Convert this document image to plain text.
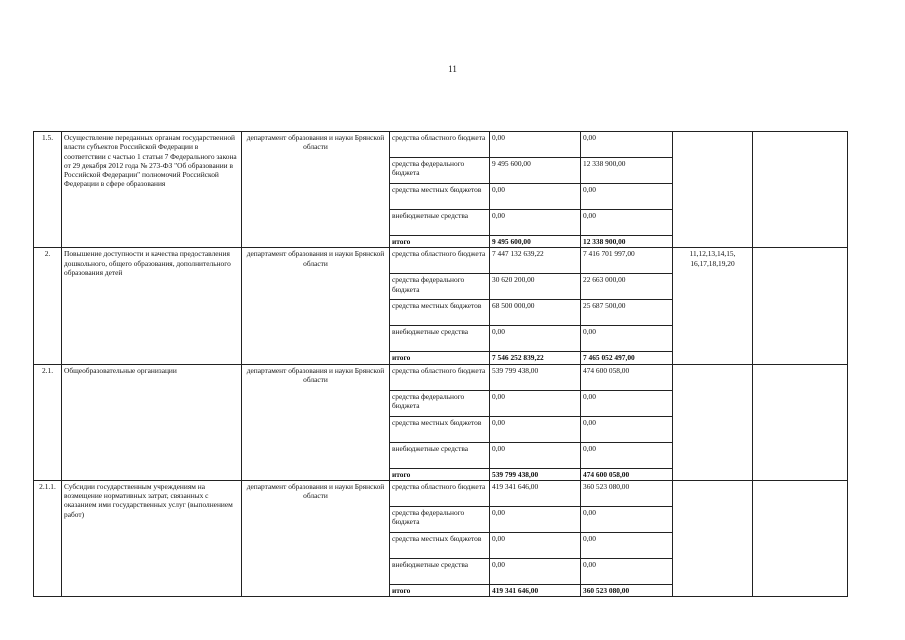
11
1.5.	Осуществление переданных органам государственной власти субъектов Российской Федерации в соответствии с частью 1 статьи 7 Федерального закона от 29 декабря 2012 года № 273-ФЗ "Об образовании в Российской Федерации" полномочий Российской Федерации в сфере образования	департамент образования и науки Брянской области	средства областного бюджета	0,00	0,00		
			средства федерального бюджета	9 495 600,00	12 338 900,00		
			средства местных бюджетов	0,00	0,00		
			внебюджетные средства	0,00	0,00		
			итого	9 495 600,00	12 338 900,00		
2.	Повышение доступности и качества предоставления дошкольного, общего образования, дополнительного образования детей	департамент образования и науки Брянской области	средства областного бюджета	7 447 132 639,22	7 416 701 997,00	11,12,13,14,15, 16,17,18,19,20	
			средства федерального бюджета	30 620 200,00	22 663 000,00		
			средства местных бюджетов	68 500 000,00	25 687 500,00		
			внебюджетные средства	0,00	0,00		
			итого	7 546 252 839,22	7 465 052 497,00		
2.1.	Общеобразовательные организации	департамент образования и науки Брянской области	средства областного бюджета	539 799 438,00	474 600 058,00		
			средства федерального бюджета	0,00	0,00		
			средства местных бюджетов	0,00	0,00		
			внебюджетные средства	0,00	0,00		
			итого	539 799 438,00	474 600 058,00		
2.1.1.	Субсидии государственным учреждениям на возмещение нормативных затрат, связанных с оказанием ими государственных услуг (выполнением работ)	департамент образования и науки Брянской области	средства областного бюджета	419 341 646,00	360 523 080,00		
			средства федерального бюджета	0,00	0,00		
			средства местных бюджетов	0,00	0,00		
			внебюджетные средства	0,00	0,00		
			итого	419 341 646,00	360 523 080,00		
